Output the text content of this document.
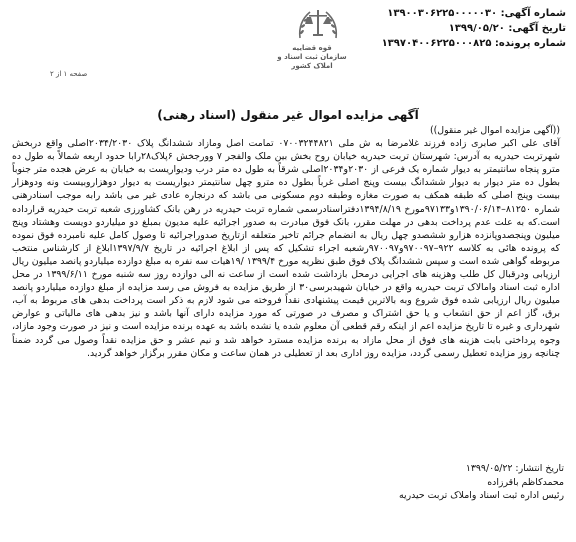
شماره آگهی: ۱۳۹۰۰۳۰۶۲۲۵۰۰۰۰۰۳۰
تاریخ آگهی: ۱۳۹۹/۰۵/۲۰
شماره پرونده: ۱۳۹۷۰۴۰۰۶۲۲۵۰۰۰۸۲۵
قوه قضاییه
سازمان ثبت اسناد و املاک کشور
صفحه ۱ از ۲
آگهی مزایده اموال غیر منقول (اسناد رهنی)

((آگهی مزایده اموال غیر منقول))

آقای علی اکبر صابری زاده فرزند غلامرضا به ش ملی ۰۷۰۰۳۲۴۴۸۲۱ تمامت اصل ومازاد ششدانگ پلاک ۲۰۳۴/۲۰۳۰اصلی واقع دربخش شهرتربت حیدریه به آدرس: شهرستان تربت حیدریه خیابان روح بخش بین ملک والفجر ۷ وورجخش ۶پلاک۲۸رابا حدود اربعه شمالاً به طول ده مترو پنجاه سانتیمتر به دیوار شماره یک فرعی از ۲۰۳۰و۲۰۳۴اصلی شرقاً به طول ده متر درب ودیواریست به خیابان به عرض هجده متر جنوباً بطول ده متر دیوار به دیوار ششدانگ بیست وپنج اصلی غرباً بطول ده مترو چهل سانتیمتر دیواریست به دیوار دوهزاروبیست ونه ودوهزار بیست وپنج اصلی که طبقه همکف به صورت مغازه وطبقه دوم مسکونی می باشد که درنجاره عادی غیر می باشد رابه موجب اسنادرهنی شماره ۸۱۲۵۰–۱۳۹۰/۰۶/۱۴و۹۷۱۳۳مورخ ۱۳۹۴/۸/۱۹دفتراسنادرسمی شماره تربت حیدریه در رهن بانک کشاورزی شعبه تربت حیدریه قرارداده است.که به علت عدم پرداخت بدهی در مهلت مقرر، بانک فوق مبادرت به صدور اجرائیه علیه مدیون بمبلغ دو میلیاردو دویست وهشتاد وپنج میلیون وپنجصدوپانزده هزارو ششصدو چهل ریال به انضمام جرائم تاخیر متعلقه ازتاریخ صدوراجرائیه تا وصول کامل علیه نامبرده فوق نموده که پرونده هائی به کلاسه ۹۲۲–۹۷۰۰۹۷و۹۷۰۰۹۷رشعبه اجراء تشکیل که پس از ابلاغ اجرائیه در تاریخ ۱۳۹۷/۹/۷ابلاغ از کارشناس منتخب مربوطه گواهی شده است و سپس ششدانگ پلاک فوق طبق نظریه مورخ ۱۳۹۹/۴ /۱۹هیات سه نفره به مبلغ دوازده میلیاردو پانصد میلیون ریال ارزیابی ودرقبال کل طلب وهزینه های اجرایی درمحل بازداشت شده است از ساعت نه الی دوازده روز سه شنبه مورخ ۱۳۹۹/۶/۱۱ در محل اداره ثبت اسناد وامالاک تربت حیدریه واقع در خیابان شهیدبرسی۳۰ از طریق مزایده به فروش می رسد مزایده از مبلغ دوازده میلیاردو پانصد میلیون ریال ارزیابی شده فوق شروع وبه بالاترین قیمت پیشنهادی نقداً فروخته می شود لازم به ذکر است پرداخت بدهی های مربوط به آب، برق، گاز اعم از حق انشعاب و یا حق اشتراک و مصرف در صورتی که مورد مزایده دارای آنها باشد و نیز بدهی های مالیاتی و عوارض شهرداری و غیره تا تاریخ مزایده اعم از اینکه رقم قطعی آن معلوم شده یا نشده باشد به عهده برنده مزایده است و نیز در صورت وجود مازاد، وجوه پرداختی بابت هزینه های فوق از محل مازاد به برنده مزایده مسترد خواهد شد و نیم عشر و حق مزایده نقداً وصول می گردد ضمناً چنانچه روز مزایده تعطیل رسمی گردد، مزایده روز اداری بعد از تعطیلی در همان ساعت و مکان مقرر برگزار خواهد گردید.

تاریخ انتشار: ۱۳۹۹/۰۵/۲۲
محمدکاظم باقرزاده
رئیس اداره ثبت اسناد واملاک تربت حیدریه
